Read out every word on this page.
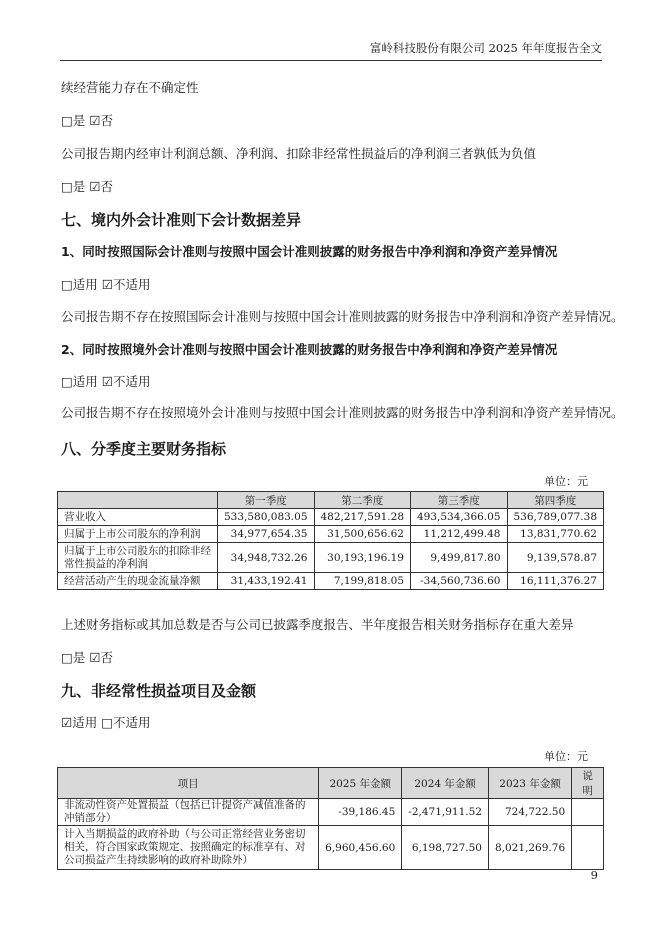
富岭科技股份有限公司 2025 年年度报告全文
续经营能力存在不确定性
□是 ☑否
公司报告期内经审计利润总额、净利润、扣除非经常性损益后的净利润三者孰低为负值
□是 ☑否
七、境内外会计准则下会计数据差异
1、同时按照国际会计准则与按照中国会计准则披露的财务报告中净利润和净资产差异情况
□适用 ☑不适用
公司报告期不存在按照国际会计准则与按照中国会计准则披露的财务报告中净利润和净资产差异情况。
2、同时按照境外会计准则与按照中国会计准则披露的财务报告中净利润和净资产差异情况
□适用 ☑不适用
公司报告期不存在按照境外会计准则与按照中国会计准则披露的财务报告中净利润和净资产差异情况。
八、分季度主要财务指标
单位：元
	第一季度	第二季度	第三季度	第四季度
营业收入	533,580,083.05	482,217,591.28	493,534,366.05	536,789,077.38
归属于上市公司股东的净利润	34,977,654.35	31,500,656.62	11,212,499.48	13,831,770.62
归属于上市公司股东的扣除非经常性损益的净利润	34,948,732.26	30,193,196.19	9,499,817.80	9,139,578.87
经营活动产生的现金流量净额	31,433,192.41	7,199,818.05	-34,560,736.60	16,111,376.27
上述财务指标或其加总数是否与公司已披露季度报告、半年度报告相关财务指标存在重大差异
□是 ☑否
九、非经常性损益项目及金额
☑适用 □不适用
单位：元
项目	2025 年金额	2024 年金额	2023 年金额	说明
非流动性资产处置损益（包括已计提资产减值准备的冲销部分）	-39,186.45	-2,471,911.52	724,722.50	
计入当期损益的政府补助（与公司正常经营业务密切相关，符合国家政策规定、按照确定的标准享有、对公司损益产生持续影响的政府补助除外）	6,960,456.60	6,198,727.50	8,021,269.76	
9
